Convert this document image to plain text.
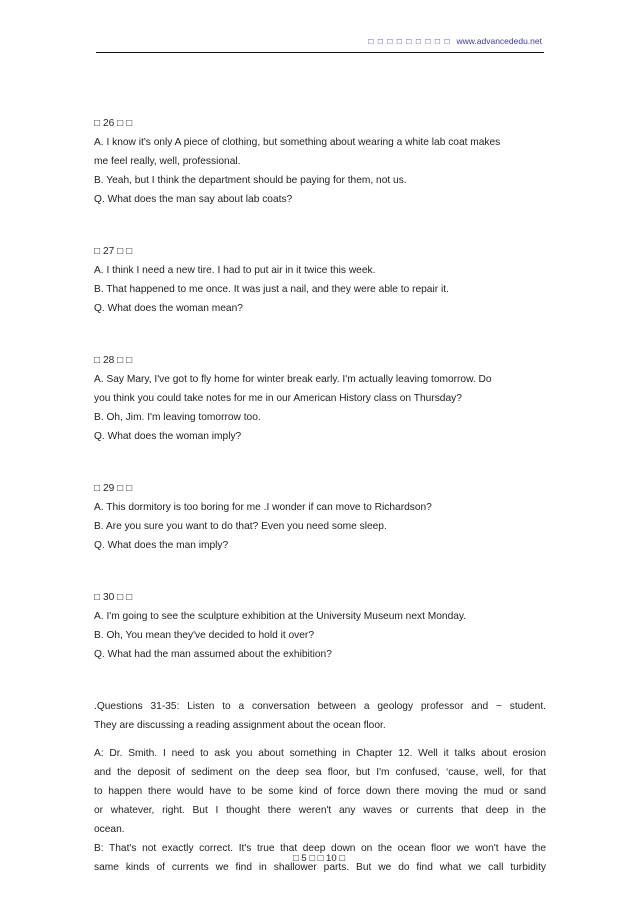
□ □ □ □ □ □ □ □ □ www.advancededu.net
□ 26 □ □
A. I know it's only A piece of clothing, but something about wearing a white lab coat makes
me feel really, well, professional.
B. Yeah, but I think the department should be paying for them, not us.
Q. What does the man say about lab coats?
□ 27 □ □
A. I think I need a new tire. I had to put air in it twice this week.
B. That happened to me once. It was just a nail, and they were able to repair it.
Q. What does the woman mean?
□ 28 □ □
A. Say Mary, I've got to fly home for winter break early. I'm actually leaving tomorrow. Do
you think you could take notes for me in our American History class on Thursday?
B. Oh, Jim. I'm leaving tomorrow too.
Q. What does the woman imply?
□ 29 □ □
A. This dormitory is too boring for me .I wonder if can move to Richardson?
B. Are you sure you want to do that? Even you need some sleep.
Q. What does the man imply?
□ 30 □ □
A. I'm going to see the sculpture exhibition at the University Museum next Monday.
B. Oh, You mean they've decided to hold it over?
Q. What had the man assumed about the exhibition?
.Questions 31-35: Listen to a conversation between a geology professor and ~ student.
They are discussing a reading assignment about the ocean floor.
A: Dr. Smith. I need to ask you about something in Chapter 12. Well it talks about erosion
and the deposit of sediment on the deep sea floor, but I'm confused, ‘cause, well, for that
to happen there would have to be some kind of force down there moving the mud or sand
or whatever, right. But I thought there weren't any waves or currents that deep in the
ocean.
B: That's not exactly correct. It's true that deep down on the ocean floor we won't have the
same kinds of currents we find in shallower parts. But we do find what we call turbidity
□ 5 □ □ 10 □
